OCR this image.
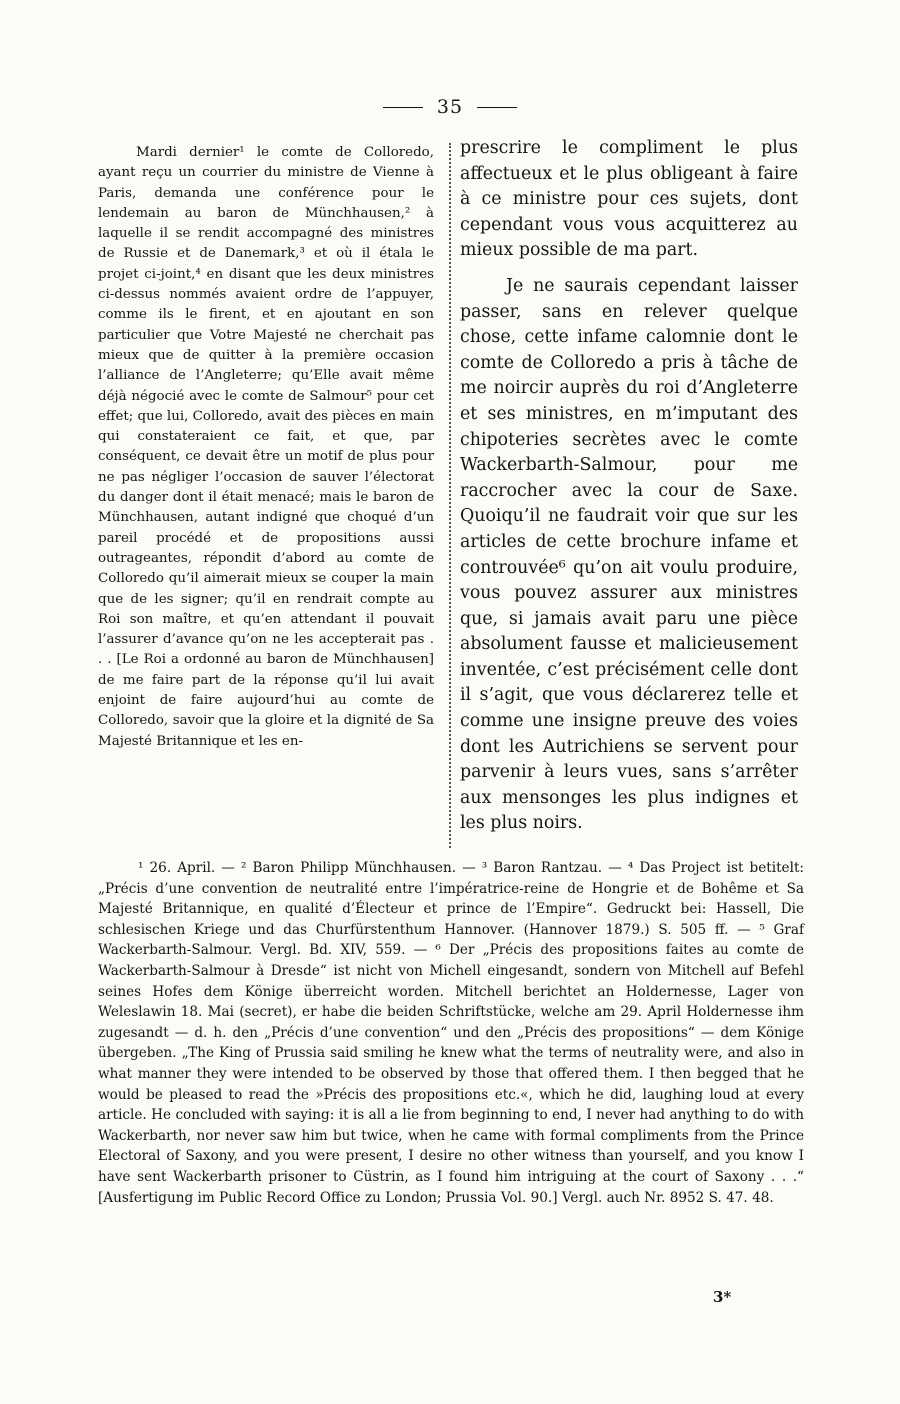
35

Mardi dernier¹ le comte de Colloredo, ayant reçu un courrier du ministre de Vienne à Paris, demanda une conférence pour le lendemain au baron de Münchhausen,² à laquelle il se rendit accompagné des ministres de Russie et de Danemark,³ et où il étala le projet ci-joint,⁴ en disant que les deux ministres ci-dessus nommés avaient ordre de l’appuyer, comme ils le firent, et en ajoutant en son particulier que Votre Majesté ne cherchait pas mieux que de quitter à la première occasion l’alliance de l’Angleterre; qu’Elle avait même déjà négocié avec le comte de Salmour⁵ pour cet effet; que lui, Colloredo, avait des pièces en main qui constateraient ce fait, et que, par conséquent, ce devait être un motif de plus pour ne pas négliger l’occasion de sauver l’électorat du danger dont il était menacé; mais le baron de Münchhausen, autant indigné que choqué d’un pareil procédé et de propositions aussi outrageantes, répondit d’abord au comte de Colloredo qu’il aimerait mieux se couper la main que de les signer; qu’il en rendrait compte au Roi son maître, et qu’en attendant il pouvait l’assurer d’avance qu’on ne les accepterait pas . . . [Le Roi a ordonné au baron de Münchhausen] de me faire part de la réponse qu’il lui avait enjoint de faire aujourd’hui au comte de Colloredo, savoir que la gloire et la dignité de Sa Majesté Britannique et les en-

prescrire le compliment le plus affectueux et le plus obligeant à faire à ce ministre pour ces sujets, dont cependant vous vous acquitterez au mieux possible de ma part.

Je ne saurais cependant laisser passer, sans en relever quelque chose, cette infame calomnie dont le comte de Colloredo a pris à tâche de me noircir auprès du roi d’Angleterre et ses ministres, en m’imputant des chipoteries secrètes avec le comte Wackerbarth-Salmour, pour me raccrocher avec la cour de Saxe. Quoiqu’il ne faudrait voir que sur les articles de cette brochure infame et controuvée⁶ qu’on ait voulu produire, vous pouvez assurer aux ministres que, si jamais avait paru une pièce absolument fausse et malicieusement inventée, c’est précisément celle dont il s’agit, que vous déclarerez telle et comme une insigne preuve des voies dont les Autrichiens se servent pour parvenir à leurs vues, sans s’arrêter aux mensonges les plus indignes et les plus noirs.

¹ 26. April. — ² Baron Philipp Münchhausen. — ³ Baron Rantzau. — ⁴ Das Project ist betitelt: „Précis d’une convention de neutralité entre l’impératrice-reine de Hongrie et de Bohême et Sa Majesté Britannique, en qualité d’Électeur et prince de l’Empire“. Gedruckt bei: Hassell, Die schlesischen Kriege und das Churfürstenthum Hannover. (Hannover 1879.) S. 505 ff. — ⁵ Graf Wackerbarth-Salmour. Vergl. Bd. XIV, 559. — ⁶ Der „Précis des propositions faites au comte de Wackerbarth-Salmour à Dresde“ ist nicht von Michell eingesandt, sondern von Mitchell auf Befehl seines Hofes dem Könige überreicht worden. Mitchell berichtet an Holdernesse, Lager von Weleslawin 18. Mai (secret), er habe die beiden Schriftstücke, welche am 29. April Holdernesse ihm zugesandt — d. h. den „Précis d’une convention“ und den „Précis des propositions“ — dem Könige übergeben. „The King of Prussia said smiling he knew what the terms of neutrality were, and also in what manner they were intended to be observed by those that offered them. I then begged that he would be pleased to read the »Précis des propositions etc.«, which he did, laughing loud at every article. He concluded with saying: it is all a lie from beginning to end, I never had anything to do with Wackerbarth, nor never saw him but twice, when he came with formal compliments from the Prince Electoral of Saxony, and you were present, I desire no other witness than yourself, and you know I have sent Wackerbarth prisoner to Cüstrin, as I found him intriguing at the court of Saxony . . .“ [Ausfertigung im Public Record Office zu London; Prussia Vol. 90.] Vergl. auch Nr. 8952 S. 47. 48.

3*
